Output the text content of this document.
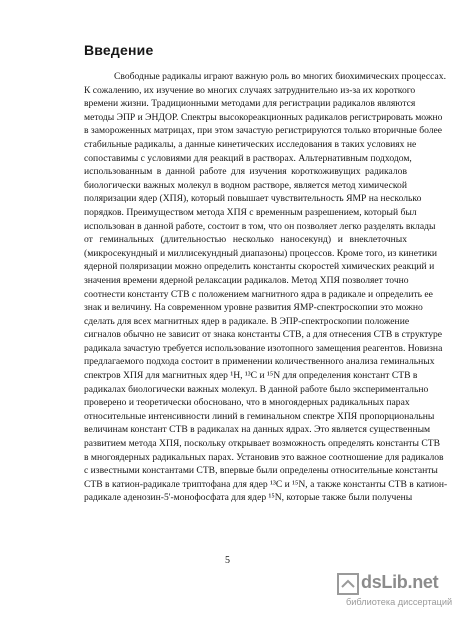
Введение
Свободные радикалы играют важную роль во многих биохимических процессах.
К сожалению, их изучение во многих случаях затруднительно из-за их короткого
времени жизни. Традиционными методами для регистрации радикалов являются
методы ЭПР и ЭНДОР. Спектры высокореакционных радикалов регистрировать можно
в замороженных матрицах, при этом зачастую регистрируются только вторичные более
стабильные радикалы, а данные кинетических исследования в таких условиях не
сопоставимы с условиями для реакций в растворах. Альтернативным подходом,
использованным в данной работе для изучения короткоживущих радикалов
биологически важных молекул в водном растворе, является метод химической
поляризации ядер (ХПЯ), который повышает чувствительность ЯМР на несколько
порядков. Преимуществом метода ХПЯ с временным разрешением, который был
использован в данной работе, состоит в том, что он позволяет легко разделять вклады
от геминальных (длительностью несколько наносекунд) и внеклеточных
(микросекундный и миллисекундный диапазоны) процессов. Кроме того, из кинетики
ядерной поляризации можно определить константы скоростей химических реакций и
значения времени ядерной релаксации радикалов. Метод ХПЯ позволяет точно
соотнести константу СТВ с положением магнитного ядра в радикале и определить ее
знак и величину. На современном уровне развития ЯМР-спектроскопии это можно
сделать для всех магнитных ядер в радикале. В ЭПР-спектроскопии положение
сигналов обычно не зависит от знака константы СТВ, а для отнесения СТВ в структуре
радикала зачастую требуется использование изотопного замещения реагентов. Новизна
предлагаемого подхода состоит в применении количественного анализа геминальных
спектров ХПЯ для магнитных ядер ¹H, ¹³C и ¹⁵N для определения констант СТВ в
радикалах биологически важных молекул. В данной работе было экспериментально
проверено и теоретически обосновано, что в многоядерных радикальных парах
относительные интенсивности линий в геминальном спектре ХПЯ пропорциональны
величинам констант СТВ в радикалах на данных ядрах. Это является существенным
развитием метода ХПЯ, поскольку открывает возможность определять константы СТВ
в многоядерных радикальных парах. Установив это важное соотношение для радикалов
с известными константами СТВ, впервые были определены относительные константы
СТВ в катион-радикале триптофана для ядер ¹³C и ¹⁵N, а также константы СТВ в катион-
радикале аденозин-5'-монофосфата для ядер ¹⁵N, которые также были получены
5
dsLib.net
библиотека диссертаций
